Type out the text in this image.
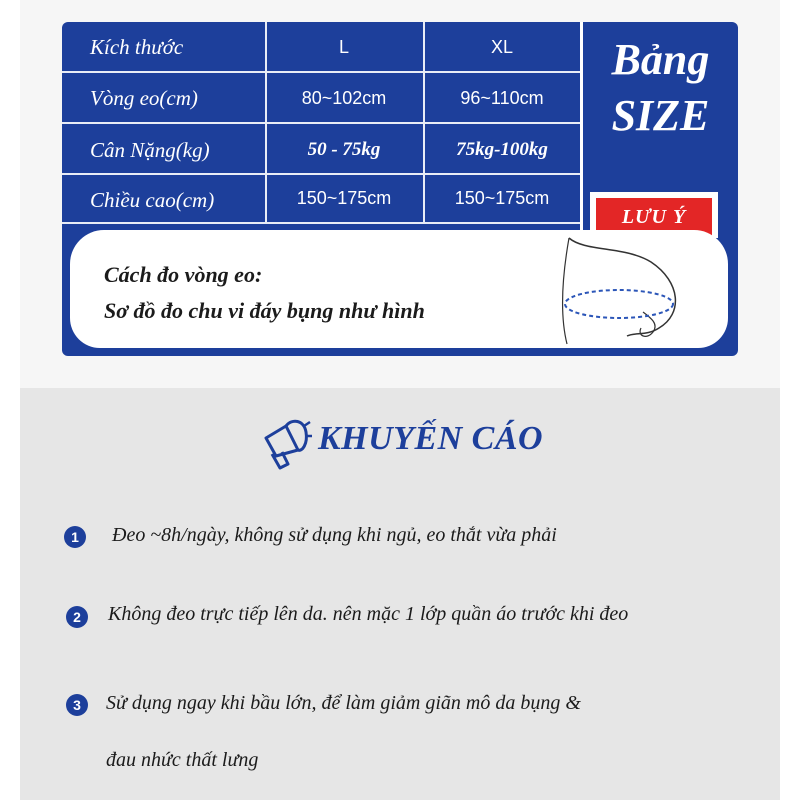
Kích thước	L	XL
Vòng eo(cm)	80~102cm	96~110cm
Cân Nặng(kg)	50 - 75kg	75kg-100kg
Chiều cao(cm)	150~175cm	150~175cm
Bảng
SIZE
LƯU Ý
Cách đo vòng eo:
Sơ đồ đo chu vi đáy bụng như hình
KHUYẾN CÁO
1	Đeo ~8h/ngày, không sử dụng khi ngủ, eo thắt vừa phải
2	Không đeo trực tiếp lên da. nên mặc 1 lớp quần áo trước khi đeo
3	Sử dụng ngay khi bầu lớn, để làm giảm giãn mô da bụng &
đau nhức thất lưng
